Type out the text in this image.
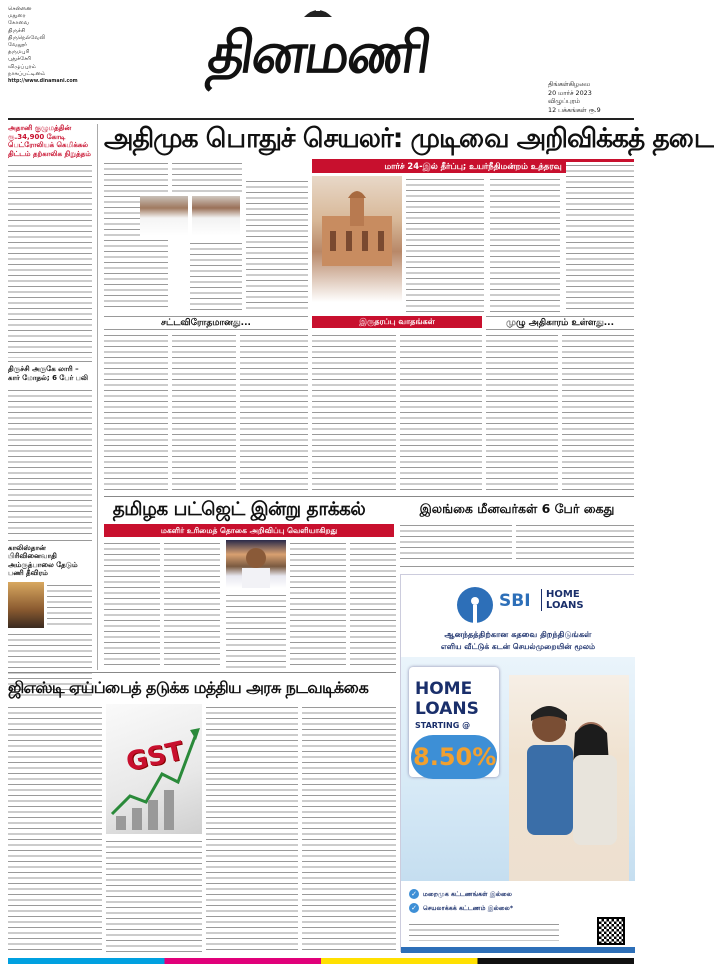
சென்னை
மதுரை
கோவை
திருச்சி
திருநெல்வேலி
வேலூர்
தருமபுரி
புதுச்சேரி
விழுப்புரம்
நாகப்பட்டினம்
http://www.dinamani.com	தினமணி	திங்கள்கிழமை
20 மார்ச் 2023
விழுப்புரம்
12 பக்கங்கள் ரூ.9
அதானி குழுமத்தின் ரூ.34,900 கோடி பெட்ரோலியக் கெமிக்கல் திட்டம் தற்காலிக நிறுத்தம்
திருச்சி அருகே லாரி – கார் மோதல்; 6 பேர் பலி
காலிஸ்தான் பிரிவினைவாதி அம்ருத்பாலை தேடும் பணி தீவிரம்
அதிமுக பொதுச் செயலர்: முடிவை அறிவிக்கத் தடை
மார்ச் 24-இல் தீர்ப்பு; உயர்நீதிமன்றம் உத்தரவு
சட்டவிரோதமானது...	இருதரப்பு வாதங்கள்	முழு அதிகாரம் உள்ளது...
தமிழக பட்ஜெட் இன்று தாக்கல்
மகளிர் உரிமைத் தொகை அறிவிப்பு வெளியாகிறது
இலங்கை மீனவர்கள் 6 பேர் கைது
SBI	HOME LOANS
ஆனந்தத்திற்கான கதவை திறந்திடுங்கள்
எளிய வீட்டுக் கடன் செயல்முறையின் மூலம்
HOME
LOANS
STARTING @
8.50%
✓ மறைமுக கட்டணங்கள் இல்லை
✓ செயலாக்கக் கட்டணம் இல்லை*
ஜிஎஸ்டி ஏய்ப்பைத் தடுக்க மத்திய அரசு நடவடிக்கை
GST
